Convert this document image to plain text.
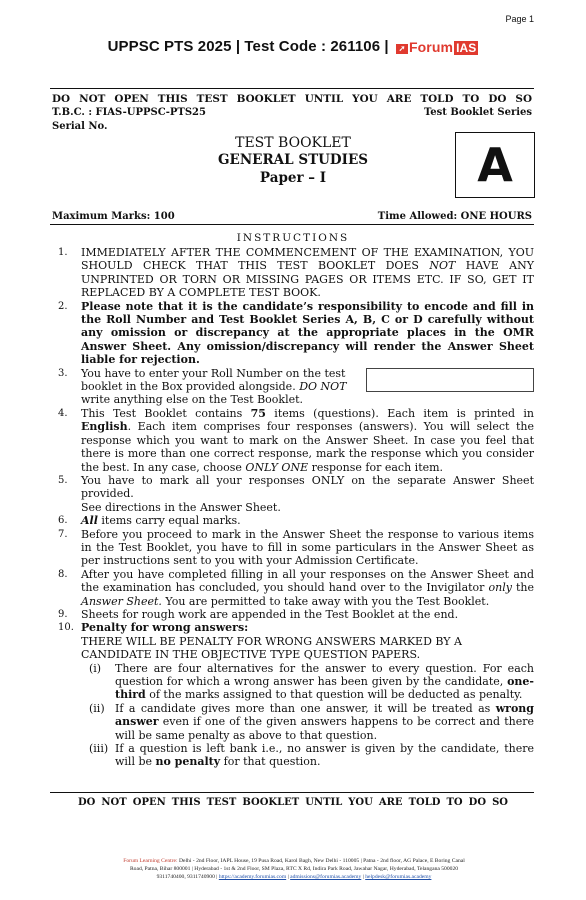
Page 1
UPPSC PTS 2025 | Test Code : 261106 | ➚ Forum IAS
DO NOT OPEN THIS TEST BOOKLET UNTIL YOU ARE TOLD TO DO SO
T.B.C. : FIAS-UPPSC-PTS25	Test Booklet Series
Serial No.
TEST BOOKLET
GENERAL STUDIES
Paper – I	A
Maximum Marks: 100	Time Allowed: ONE HOURS
INSTRUCTIONS
1.	IMMEDIATELY AFTER THE COMMENCEMENT OF THE EXAMINATION, YOU SHOULD CHECK THAT THIS TEST BOOKLET DOES NOT HAVE ANY UNPRINTED OR TORN OR MISSING PAGES OR ITEMS ETC. IF SO, GET IT REPLACED BY A COMPLETE TEST BOOK.
2.	Please note that it is the candidate’s responsibility to encode and fill in the Roll Number and Test Booklet Series A, B, C or D carefully without any omission or discrepancy at the appropriate places in the OMR Answer Sheet. Any omission/discrepancy will render the Answer Sheet liable for rejection.
3.	You have to enter your Roll Number on the test
booklet in the Box provided alongside. DO NOT
write anything else on the Test Booklet.
4.	This Test Booklet contains 75 items (questions). Each item is printed in English. Each item comprises four responses (answers). You will select the response which you want to mark on the Answer Sheet. In case you feel that there is more than one correct response, mark the response which you consider the best. In any case, choose ONLY ONE response for each item.
5.	You have to mark all your responses ONLY on the separate Answer Sheet provided.
See directions in the Answer Sheet.
6.	All items carry equal marks.
7.	Before you proceed to mark in the Answer Sheet the response to various items in the Test Booklet, you have to fill in some particulars in the Answer Sheet as per instructions sent to you with your Admission Certificate.
8.	After you have completed filling in all your responses on the Answer Sheet and the examination has concluded, you should hand over to the Invigilator only the Answer Sheet. You are permitted to take away with you the Test Booklet.
9.	Sheets for rough work are appended in the Test Booklet at the end.
10. Penalty for wrong answers:
THERE WILL BE PENALTY FOR WRONG ANSWERS MARKED BY A CANDIDATE IN THE OBJECTIVE TYPE QUESTION PAPERS.
(i)	There are four alternatives for the answer to every question. For each question for which a wrong answer has been given by the candidate, one-third of the marks assigned to that question will be deducted as penalty.
(ii) If a candidate gives more than one answer, it will be treated as wrong answer even if one of the given answers happens to be correct and there will be same penalty as above to that question.
(iii) If a question is left bank i.e., no answer is given by the candidate, there will be no penalty for that question.
DO NOT OPEN THIS TEST BOOKLET UNTIL YOU ARE TOLD TO DO SO
Forum Learning Centre: Delhi - 2nd Floor, IAPL House, 19 Pusa Road, Karol Bagh, New Delhi - 110005 | Patna - 2nd floor, AG Palace, E Boring Canal
Road, Patna, Bihar 800001 | Hyderabad - 1st & 2nd Floor, SM Plaza, RTC X Rd, Indira Park Road, Jawahar Nagar, Hyderabad, Telangana 500020
9311740400, 9311740900 | https://academy.forumias.com | admissions@forumias.academy | helpdesk@forumias.academy
